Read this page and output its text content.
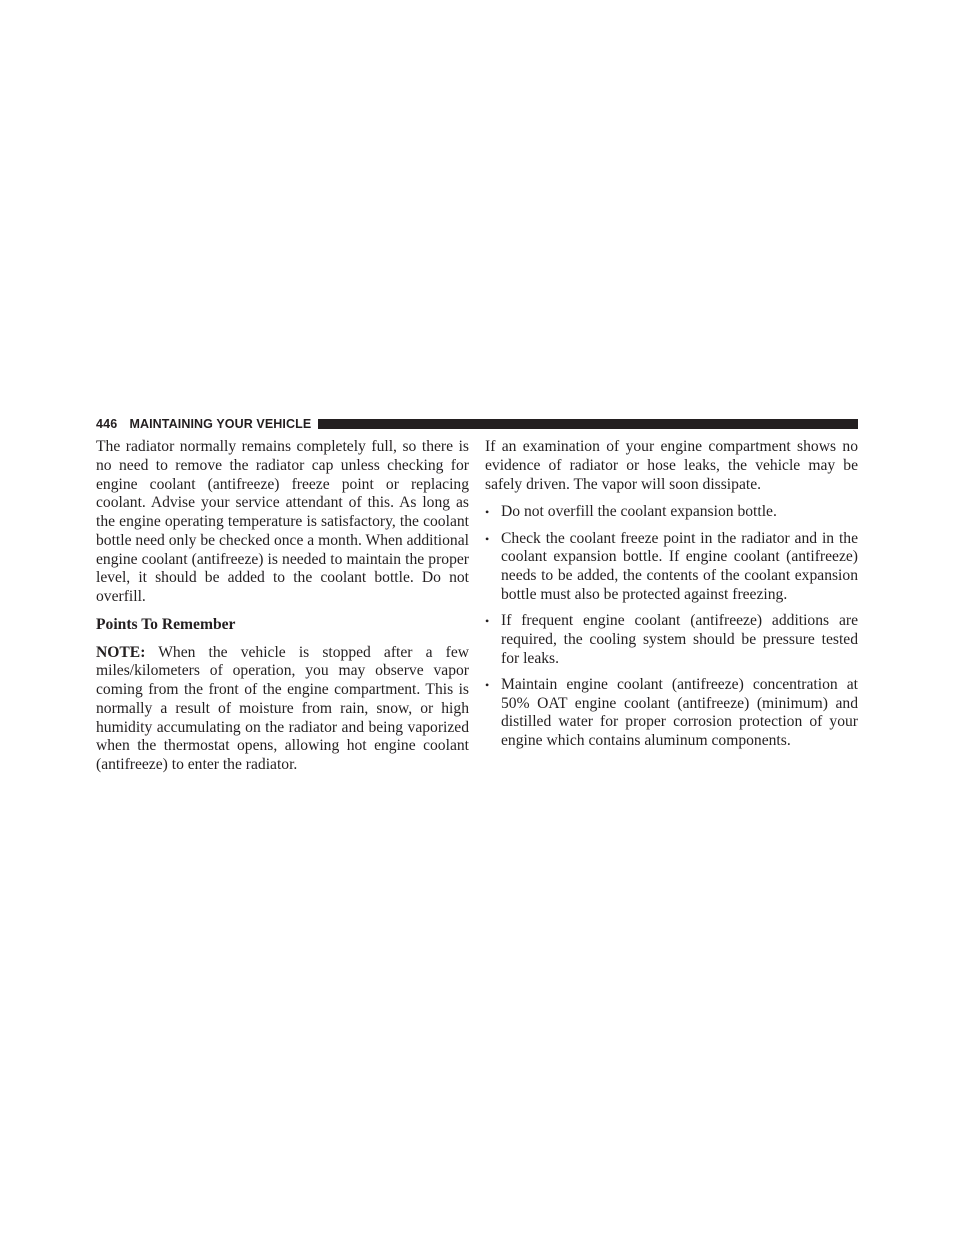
446 MAINTAINING YOUR VEHICLE

The radiator normally remains completely full, so there is no need to remove the radiator cap unless checking for engine coolant (antifreeze) freeze point or replacing coolant. Advise your service attendant of this. As long as the engine operating temperature is satisfactory, the coolant bottle need only be checked once a month. When additional engine coolant (antifreeze) is needed to maintain the proper level, it should be added to the coolant bottle. Do not overfill.

Points To Remember

NOTE: When the vehicle is stopped after a few miles/kilometers of operation, you may observe vapor coming from the front of the engine compartment. This is normally a result of moisture from rain, snow, or high humidity accumulating on the radiator and being vaporized when the thermostat opens, allowing hot engine coolant (antifreeze) to enter the radiator.

If an examination of your engine compartment shows no evidence of radiator or hose leaks, the vehicle may be safely driven. The vapor will soon dissipate.

• Do not overfill the coolant expansion bottle.
• Check the coolant freeze point in the radiator and in the coolant expansion bottle. If engine coolant (antifreeze) needs to be added, the contents of the coolant expansion bottle must also be protected against freezing.
• If frequent engine coolant (antifreeze) additions are required, the cooling system should be pressure tested for leaks.
• Maintain engine coolant (antifreeze) concentration at 50% OAT engine coolant (antifreeze) (minimum) and distilled water for proper corrosion protection of your engine which contains aluminum components.
